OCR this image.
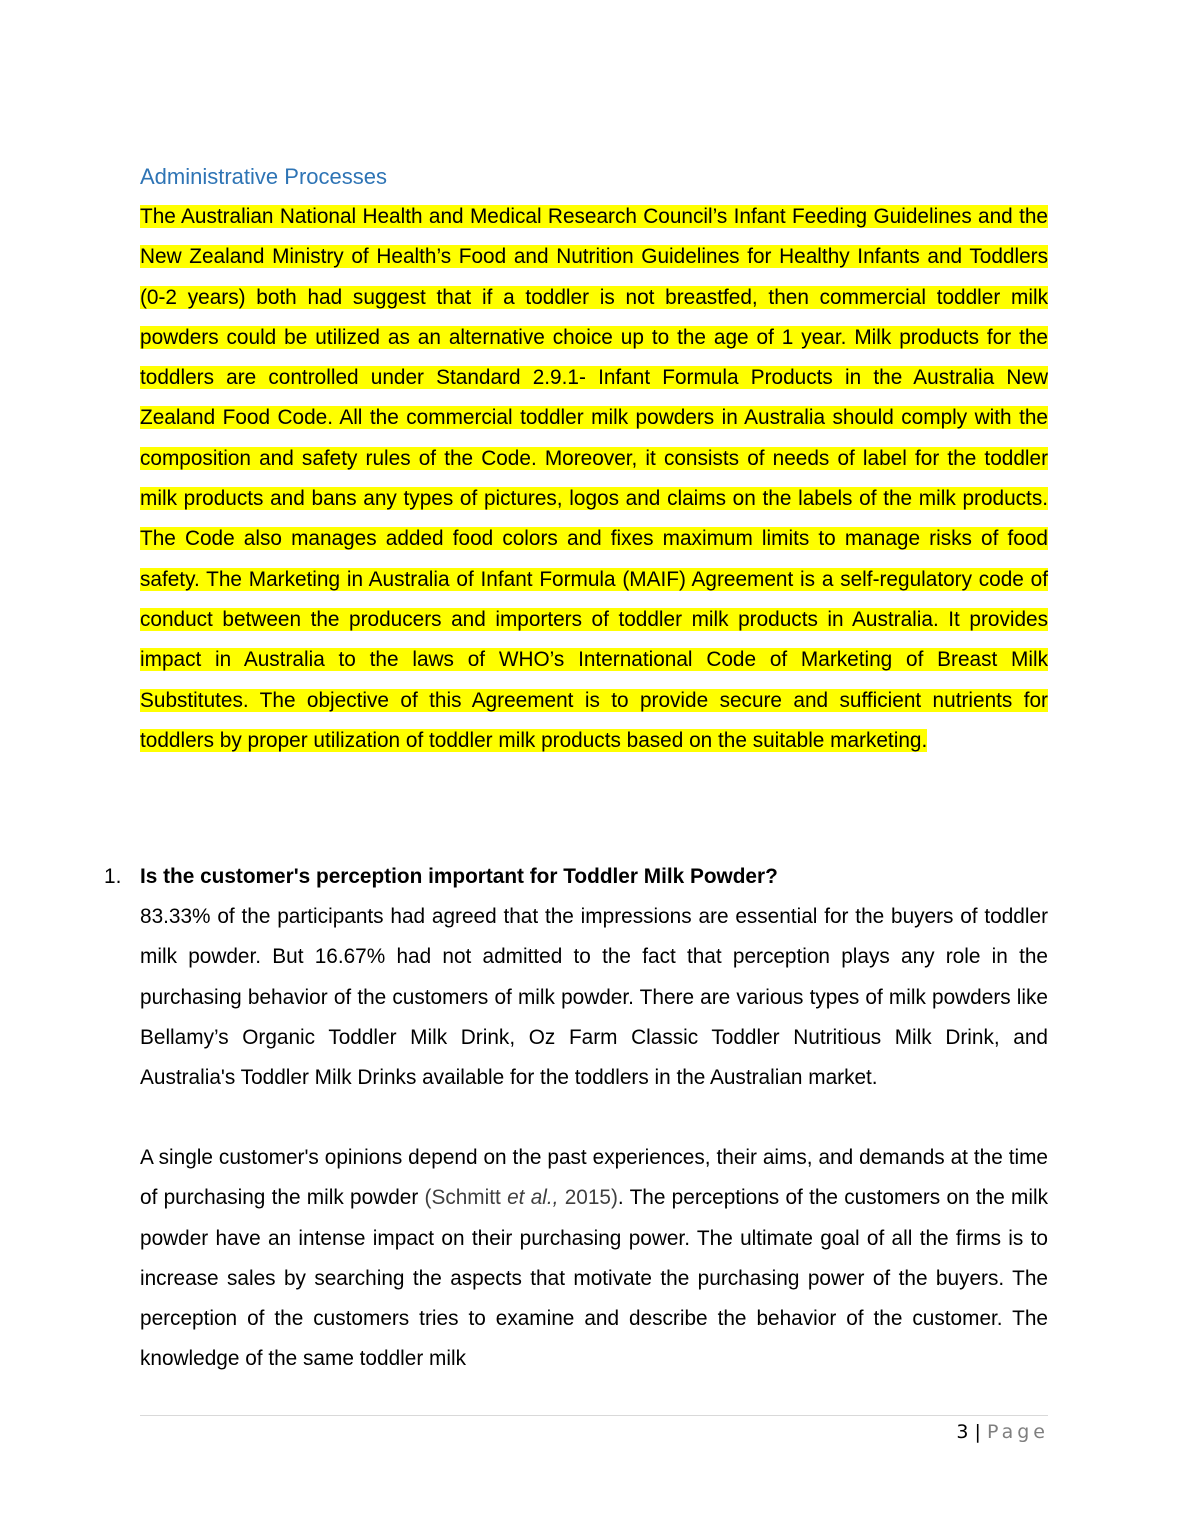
Administrative Processes

The Australian National Health and Medical Research Council’s Infant Feeding Guidelines and the New Zealand Ministry of Health’s Food and Nutrition Guidelines for Healthy Infants and Toddlers (0-2 years) both had suggest that if a toddler is not breastfed, then commercial toddler milk powders could be utilized as an alternative choice up to the age of 1 year. Milk products for the toddlers are controlled under Standard 2.9.1- Infant Formula Products in the Australia New Zealand Food Code. All the commercial toddler milk powders in Australia should comply with the composition and safety rules of the Code. Moreover, it consists of needs of label for the toddler milk products and bans any types of pictures, logos and claims on the labels of the milk products. The Code also manages added food colors and fixes maximum limits to manage risks of food safety. The Marketing in Australia of Infant Formula (MAIF) Agreement is a self-regulatory code of conduct between the producers and importers of toddler milk products in Australia. It provides impact in Australia to the laws of WHO’s International Code of Marketing of Breast Milk Substitutes. The objective of this Agreement is to provide secure and sufficient nutrients for toddlers by proper utilization of toddler milk products based on the suitable marketing.

1. Is the customer's perception important for Toddler Milk Powder?

83.33% of the participants had agreed that the impressions are essential for the buyers of toddler milk powder. But 16.67% had not admitted to the fact that perception plays any role in the purchasing behavior of the customers of milk powder. There are various types of milk powders like Bellamy’s Organic Toddler Milk Drink, Oz Farm Classic Toddler Nutritious Milk Drink, and Australia's Toddler Milk Drinks available for the toddlers in the Australian market.

A single customer's opinions depend on the past experiences, their aims, and demands at the time of purchasing the milk powder (Schmitt et al., 2015). The perceptions of the customers on the milk powder have an intense impact on their purchasing power. The ultimate goal of all the firms is to increase sales by searching the aspects that motivate the purchasing power of the buyers. The perception of the customers tries to examine and describe the behavior of the customer. The knowledge of the same toddler milk

3 | Page
